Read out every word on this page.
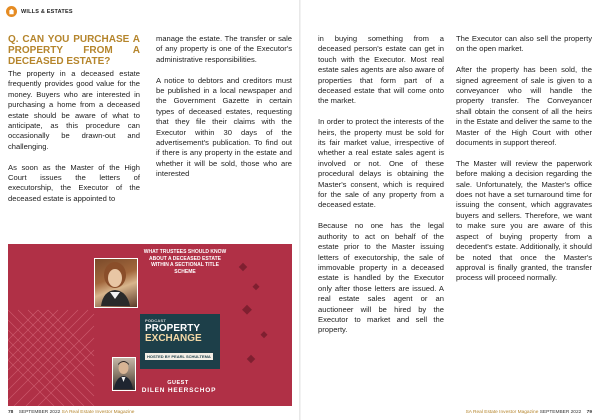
WILLS & ESTATES
Q. CAN YOU PURCHASE A PROPERTY FROM A DECEASED ESTATE?

The property in a deceased estate frequently provides good value for the money. Buyers who are interested in purchasing a home from a deceased estate should be aware of what to anticipate, as this procedure can occasionally be drawn-out and challenging.

As soon as the Master of the High Court issues the letters of executorship, the Executor of the deceased estate is appointed to

manage the estate. The transfer or sale of any property is one of the Executor's administrative responsibilities.

A notice to debtors and creditors must be published in a local newspaper and the Government Gazette in certain types of deceased estates, requesting that they file their claims with the Executor within 30 days of the advertisement's publication. To find out if there is any property in the estate and whether it will be sold, those who are interested

in buying something from a deceased person's estate can get in touch with the Executor. Most real estate sales agents are also aware of properties that form part of a deceased estate that will come onto the market.

In order to protect the interests of the heirs, the property must be sold for its fair market value, irrespective of whether a real estate sales agent is involved or not. One of these procedural delays is obtaining the Master's consent, which is required for the sale of any property from a deceased estate.

Because no one has the legal authority to act on behalf of the estate prior to the Master issuing letters of executorship, the sale of immovable property in a deceased estate is handled by the Executor only after those letters are issued. A real estate sales agent or an auctioneer will be hired by the Executor to market and sell the property.

The Executor can also sell the property on the open market.

After the property has been sold, the signed agreement of sale is given to a conveyancer who will handle the property transfer. The Conveyancer shall obtain the consent of all the heirs in the Estate and deliver the same to the Master of the High Court with other documents in support thereof.

The Master will review the paperwork before making a decision regarding the sale. Unfortunately, the Master's office does not have a set turnaround time for issuing the consent, which aggravates buyers and sellers. Therefore, we want to make sure you are aware of this aspect of buying property from a decedent's estate. Additionally, it should be noted that once the Master's approval is finally granted, the transfer process will proceed normally.

WHAT TRUSTEES SHOULD KNOW ABOUT A DECEASED ESTATE WITHIN A SECTIONAL TITLE SCHEME
PODCAST
PROPERTY
EXCHANGE
HOSTED BY PEARL SCHULTEMA
GUEST
DILEN HEERSCHOP
78 SEPTEMBER 2022 SA Real Estate Investor Magazine	SA Real Estate Investor Magazine SEPTEMBER 2022 79
